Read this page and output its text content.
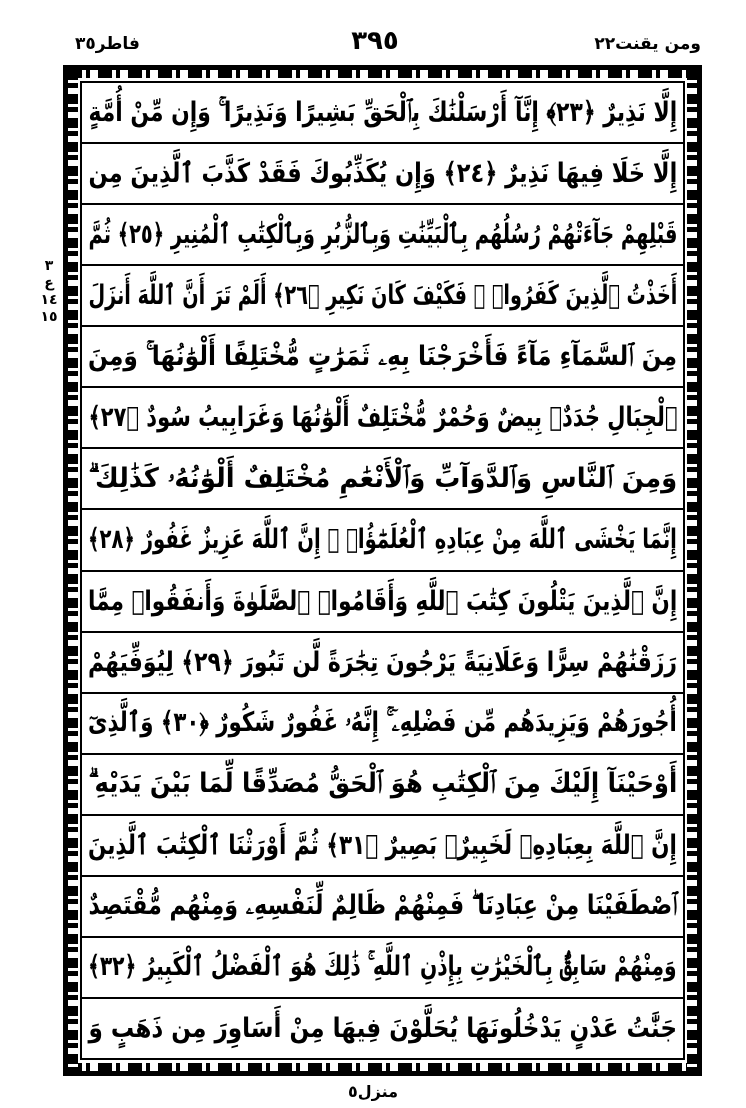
فاطر٣٥	٣٩٥	ومن يقنت٢٢
٣
ع
١٤
١٥
إِلَّا نَذِيرٌ ﴿٢٣﴾ إِنَّآ أَرْسَلْنَٰكَ بِٱلْحَقِّ بَشِيرًا وَنَذِيرًا ۚ وَإِن مِّنْ أُمَّةٍ
إِلَّا خَلَا فِيهَا نَذِيرٌ ﴿٢٤﴾ وَإِن يُكَذِّبُوكَ فَقَدْ كَذَّبَ ٱلَّذِينَ مِن
قَبْلِهِمْ جَآءَتْهُمْ رُسُلُهُم بِٱلْبَيِّنَٰتِ وَبِٱلزُّبُرِ وَبِٱلْكِتَٰبِ ٱلْمُنِيرِ ﴿٢٥﴾ ثُمَّ
أَخَذْتُ ٱلَّذِينَ كَفَرُوا۟ ۖ فَكَيْفَ كَانَ نَكِيرِ ﴿٢٦﴾ أَلَمْ تَرَ أَنَّ ٱللَّهَ أَنزَلَ
مِنَ ٱلسَّمَآءِ مَآءً فَأَخْرَجْنَا بِهِۦ ثَمَرَٰتٍ مُّخْتَلِفًا أَلْوَٰنُهَا ۚ وَمِنَ
ٱلْجِبَالِ جُدَدٌۢ بِيضٌ وَحُمْرٌ مُّخْتَلِفٌ أَلْوَٰنُهَا وَغَرَابِيبُ سُودٌ ﴿٢٧﴾
وَمِنَ ٱلنَّاسِ وَٱلدَّوَآبِّ وَٱلْأَنْعَٰمِ مُخْتَلِفٌ أَلْوَٰنُهُۥ كَذَٰلِكَ ۗ
إِنَّمَا يَخْشَى ٱللَّهَ مِنْ عِبَادِهِ ٱلْعُلَمَٰٓؤُا۟ ۗ إِنَّ ٱللَّهَ عَزِيزٌ غَفُورٌ ﴿٢٨﴾
إِنَّ ٱلَّذِينَ يَتْلُونَ كِتَٰبَ ٱللَّهِ وَأَقَامُوا۟ ٱلصَّلَوٰةَ وَأَنفَقُوا۟ مِمَّا
رَزَقْنَٰهُمْ سِرًّا وَعَلَانِيَةً يَرْجُونَ تِجَٰرَةً لَّن تَبُورَ ﴿٢٩﴾ لِيُوَفِّيَهُمْ
أُجُورَهُمْ وَيَزِيدَهُم مِّن فَضْلِهِۦٓ ۚ إِنَّهُۥ غَفُورٌ شَكُورٌ ﴿٣٠﴾ وَٱلَّذِىٓ
أَوْحَيْنَآ إِلَيْكَ مِنَ ٱلْكِتَٰبِ هُوَ ٱلْحَقُّ مُصَدِّقًا لِّمَا بَيْنَ يَدَيْهِ ۗ
إِنَّ ٱللَّهَ بِعِبَادِهِۦ لَخَبِيرٌۢ بَصِيرٌ ﴿٣١﴾ ثُمَّ أَوْرَثْنَا ٱلْكِتَٰبَ ٱلَّذِينَ
ٱصْطَفَيْنَا مِنْ عِبَادِنَا ۖ فَمِنْهُمْ ظَالِمٌ لِّنَفْسِهِۦ وَمِنْهُم مُّقْتَصِدٌ
وَمِنْهُمْ سَابِقٌۢ بِٱلْخَيْرَٰتِ بِإِذْنِ ٱللَّهِ ۚ ذَٰلِكَ هُوَ ٱلْفَضْلُ ٱلْكَبِيرُ ﴿٣٢﴾
جَنَّٰتُ عَدْنٍ يَدْخُلُونَهَا يُحَلَّوْنَ فِيهَا مِنْ أَسَاوِرَ مِن ذَهَبٍ وَ
منزل٥
